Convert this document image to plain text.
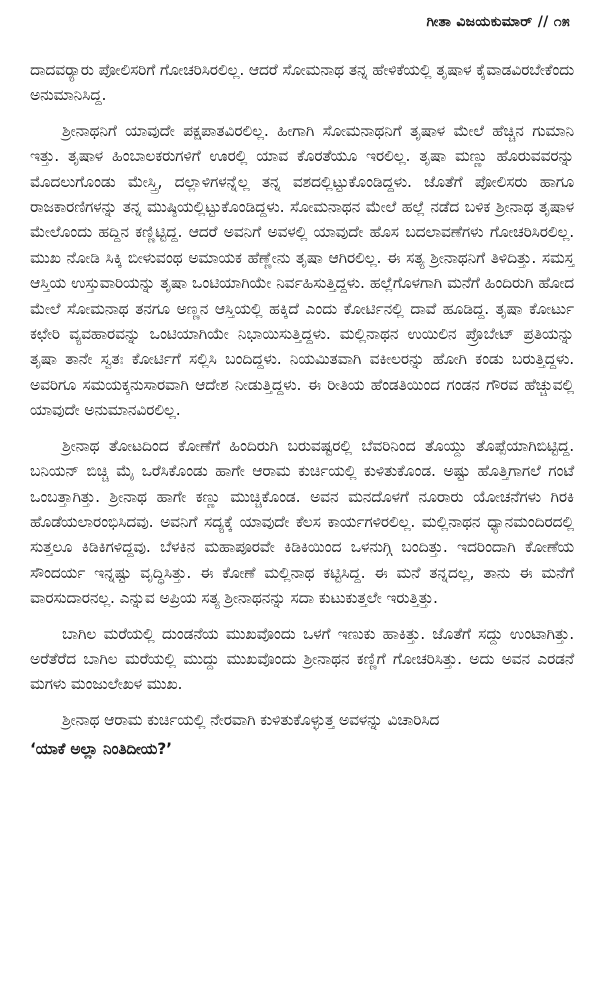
ಗೀತಾ ವಿಜಯಕುಮಾರ್ // ೧೫

ದಾದವರ್‍ಯಾರು ಪೋಲಿಸರಿಗೆ ಗೋಚರಿಸಿರಲಿಲ್ಲ. ಆದರೆ ಸೋಮನಾಥ ತನ್ನ ಹೇಳಿಕೆಯಲ್ಲಿ ತೃಷಾಳ ಕೈವಾಡವಿರಬೇಕೆಂದು ಅನುಮಾನಿಸಿದ್ದ.

ಶ್ರೀನಾಥನಿಗೆ ಯಾವುದೇ ಪಕ್ಷಪಾತವಿರಲಿಲ್ಲ. ಹೀಗಾಗಿ ಸೋಮನಾಥನಿಗೆ ತೃಷಾಳ ಮೇಲೆ ಹೆಚ್ಚಿನ ಗುಮಾನಿ ಇತ್ತು. ತೃಷಾಳ ಹಿಂಬಾಲಕರುಗಳಿಗೆ ಊರಲ್ಲಿ ಯಾವ ಕೊರತೆಯೂ ಇರಲಿಲ್ಲ. ತೃಷಾ ಮಣ್ಣು ಹೊರುವವರನ್ನು ಮೊದಲುಗೊಂಡು ಮೇಸ್ತ್ರಿ, ದಲ್ಲಾಳಿಗಳನ್ನೆಲ್ಲ ತನ್ನ ವಶದಲ್ಲಿಟ್ಟುಕೊಂಡಿದ್ದಳು. ಜೊತೆಗೆ ಪೋಲಿಸರು ಹಾಗೂ ರಾಜಕಾರಣಿಗಳನ್ನು ತನ್ನ ಮುಷ್ಠಿಯಲ್ಲಿಟ್ಟುಕೊಂಡಿದ್ದಳು. ಸೋಮನಾಥನ ಮೇಲೆ ಹಲ್ಲೆ ನಡೆದ ಬಳಿಕ ಶ್ರೀನಾಥ ತೃಷಾಳ ಮೇಲೊಂದು ಹದ್ದಿನ ಕಣ್ಣಿಟ್ಟಿದ್ದ. ಆದರೆ ಅವನಿಗೆ ಅವಳಲ್ಲಿ ಯಾವುದೇ ಹೊಸ ಬದಲಾವಣೆಗಳು ಗೋಚರಿಸಿರಲಿಲ್ಲ. ಮುಖ ನೋಡಿ ಸಿಕ್ಕಿ ಬೀಳುವಂಥ ಅಮಾಯಕ ಹೆಣ್ಣೇನು ತೃಷಾ ಆಗಿರಲಿಲ್ಲ. ಈ ಸತ್ಯ ಶ್ರೀನಾಥನಿಗೆ ತಿಳಿದಿತ್ತು. ಸಮಸ್ತ ಆಸ್ತಿಯ ಉಸ್ತುವಾರಿಯನ್ನು ತೃಷಾ ಒಂಟಿಯಾಗಿಯೇ ನಿರ್ವಹಿಸುತ್ತಿದ್ದಳು. ಹಲ್ಲೆಗೊಳಗಾಗಿ ಮನೆಗೆ ಹಿಂದಿರುಗಿ ಹೋದ ಮೇಲೆ ಸೋಮನಾಥ ತನಗೂ ಅಣ್ಣನ ಆಸ್ತಿಯಲ್ಲಿ ಹಕ್ಕಿದೆ ಎಂದು ಕೋರ್ಟಿನಲ್ಲಿ ದಾವೆ ಹೂಡಿದ್ದ. ತೃಷಾ ಕೋರ್ಟು ಕಛೇರಿ ವ್ಯವಹಾರವನ್ನು ಒಂಟಿಯಾಗಿಯೇ ನಿಭಾಯಿಸುತ್ತಿದ್ದಳು. ಮಲ್ಲಿನಾಥನ ಉಯಿಲಿನ ಪ್ರೊಬೇಟ್ ಪ್ರತಿಯನ್ನು ತೃಷಾ ತಾನೇ ಸ್ವತಃ ಕೋರ್ಟಿಗೆ ಸಲ್ಲಿಸಿ ಬಂದಿದ್ದಳು. ನಿಯಮಿತವಾಗಿ ವಕೀಲರನ್ನು ಹೋಗಿ ಕಂಡು ಬರುತ್ತಿದ್ದಳು. ಅವರಿಗೂ ಸಮಯಕ್ಕನುಸಾರವಾಗಿ ಆದೇಶ ನೀಡುತ್ತಿದ್ದಳು. ಈ ರೀತಿಯ ಹೆಂಡತಿಯಿಂದ ಗಂಡನ ಗೌರವ ಹೆಚ್ಚುವಲ್ಲಿ ಯಾವುದೇ ಅನುಮಾನವಿರಲಿಲ್ಲ.

ಶ್ರೀನಾಥ ತೋಟದಿಂದ ಕೋಣೆಗೆ ಹಿಂದಿರುಗಿ ಬರುವಷ್ಟರಲ್ಲಿ ಬೆವರಿನಿಂದ ತೊಯ್ದು ತೊಪ್ಪೆಯಾಗಿಬಿಟ್ಟಿದ್ದ. ಬನಿಯನ್ ಬಿಚ್ಚಿ ಮೈ ಒರೆಸಿಕೊಂಡು ಹಾಗೇ ಆರಾಮ ಕುರ್ಚಿಯಲ್ಲಿ ಕುಳಿತುಕೊಂಡ. ಅಷ್ಟು ಹೊತ್ತಿಗಾಗಲೆ ಗಂಟೆ ಒಂಬತ್ತಾಗಿತ್ತು. ಶ್ರೀನಾಥ ಹಾಗೇ ಕಣ್ಣು ಮುಚ್ಚಿಕೊಂಡ. ಅವನ ಮನದೊಳಗೆ ನೂರಾರು ಯೋಚನೆಗಳು ಗಿರಕಿ ಹೊಡೆಯಲಾರಂಭಿಸಿದವು. ಅವನಿಗೆ ಸದ್ಯಕ್ಕೆ ಯಾವುದೇ ಕೆಲಸ ಕಾರ್ಯಗಳಿರಲಿಲ್ಲ. ಮಲ್ಲಿನಾಥನ ಧ್ಯಾನಮಂದಿರದಲ್ಲಿ ಸುತ್ತಲೂ ಕಿಡಿಕಿಗಳಿದ್ದವು. ಬೆಳಕಿನ ಮಹಾಪೂರವೇ ಕಿಡಿಕಿಯಿಂದ ಒಳನುಗ್ಗಿ ಬಂದಿತ್ತು. ಇದರಿಂದಾಗಿ ಕೋಣೆಯ ಸೌಂದರ್ಯ ಇನ್ನಷ್ಟು ವೃದ್ಧಿಸಿತ್ತು. ಈ ಕೋಣೆ ಮಲ್ಲಿನಾಥ ಕಟ್ಟಿಸಿದ್ದ. ಈ ಮನೆ ತನ್ನದಲ್ಲ, ತಾನು ಈ ಮನೆಗೆ ವಾರಸುದಾರನಲ್ಲ. ಎನ್ನುವ ಅಪ್ರಿಯ ಸತ್ಯ ಶ್ರೀನಾಥನನ್ನು ಸದಾ ಕುಟುಕುತ್ತಲೇ ಇರುತ್ತಿತ್ತು.

ಬಾಗಿಲ ಮರೆಯಲ್ಲಿ ದುಂಡನೆಯ ಮುಖವೊಂದು ಒಳಗೆ ಇಣುಕು ಹಾಕಿತ್ತು. ಜೊತೆಗೆ ಸದ್ದು ಉಂಟಾಗಿತ್ತು. ಅರೆತೆರೆದ ಬಾಗಿಲ ಮರೆಯಲ್ಲಿ ಮುದ್ದು ಮುಖವೊಂದು ಶ್ರೀನಾಥನ ಕಣ್ಣಿಗೆ ಗೋಚರಿಸಿತ್ತು. ಅದು ಅವನ ಎರಡನೆ ಮಗಳು ಮಂಜುಲೇಖಳ ಮುಖ.

ಶ್ರೀನಾಥ ಆರಾಮ ಕುರ್ಚಿಯಲ್ಲಿ ನೇರವಾಗಿ ಕುಳಿತುಕೊಳ್ಳುತ್ತ ಅವಳನ್ನು ವಿಚಾರಿಸಿದ

‘ಯಾಕೆ ಅಲ್ಲಾ ನಿಂತಿದೀಯ?’
